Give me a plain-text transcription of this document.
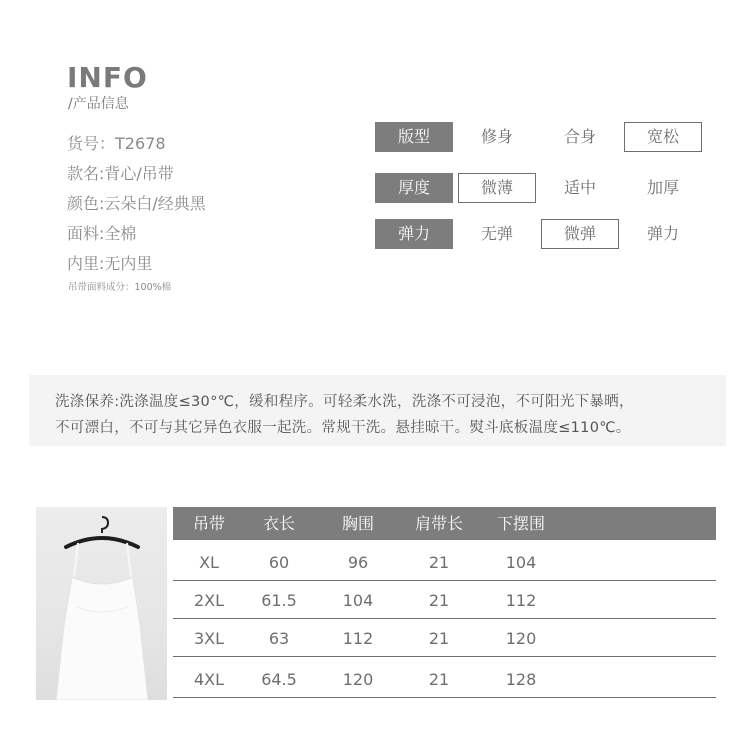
INFO
/产品信息
货号：T2678
款名:背心/吊带
颜色:云朵白/经典黑
面料:全棉
内里:无内里
吊带面料成分：100%棉
版型	修身	合身	宽松
厚度	微薄	适中	加厚
弹力	无弹	微弹	弹力
洗涤保养:洗涤温度≤30°℃，缓和程序。可轻柔水洗，洗涤不可浸泡，不可阳光下暴晒，
不可漂白，不可与其它异色衣服一起洗。常规干洗。悬挂晾干。熨斗底板温度≤110℃。
吊带	衣长	胸围	肩带长	下摆围
XL	60	96	21	104
2XL	61.5	104	21	112
3XL	63	112	21	120
4XL	64.5	120	21	128
